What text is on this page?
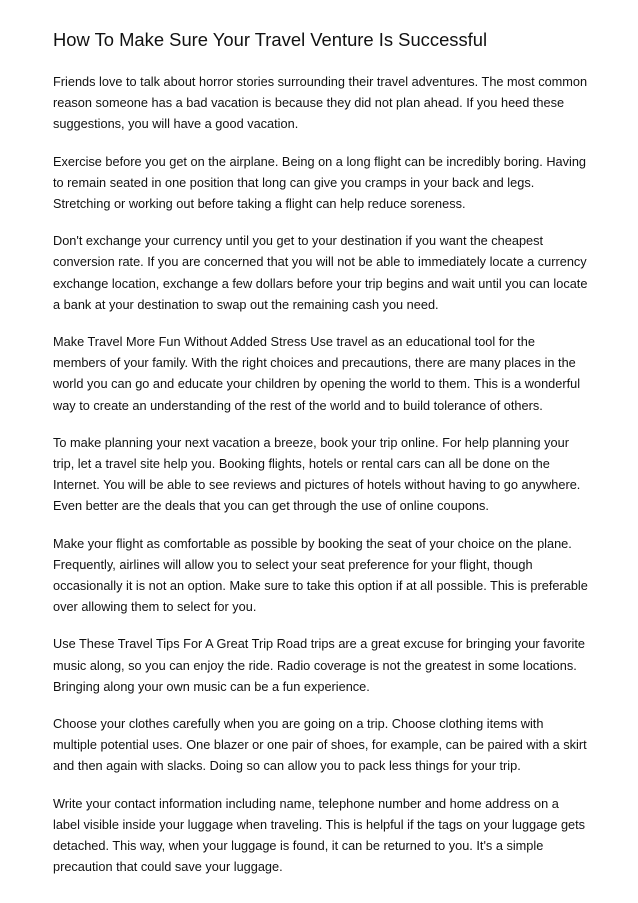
How To Make Sure Your Travel Venture Is Successful

Friends love to talk about horror stories surrounding their travel adventures. The most common reason someone has a bad vacation is because they did not plan ahead. If you heed these suggestions, you will have a good vacation.

Exercise before you get on the airplane. Being on a long flight can be incredibly boring. Having to remain seated in one position that long can give you cramps in your back and legs. Stretching or working out before taking a flight can help reduce soreness.

Don't exchange your currency until you get to your destination if you want the cheapest conversion rate. If you are concerned that you will not be able to immediately locate a currency exchange location, exchange a few dollars before your trip begins and wait until you can locate a bank at your destination to swap out the remaining cash you need.

Make Travel More Fun Without Added Stress Use travel as an educational tool for the members of your family. With the right choices and precautions, there are many places in the world you can go and educate your children by opening the world to them. This is a wonderful way to create an understanding of the rest of the world and to build tolerance of others.

To make planning your next vacation a breeze, book your trip online. For help planning your trip, let a travel site help you. Booking flights, hotels or rental cars can all be done on the Internet. You will be able to see reviews and pictures of hotels without having to go anywhere. Even better are the deals that you can get through the use of online coupons.

Make your flight as comfortable as possible by booking the seat of your choice on the plane. Frequently, airlines will allow you to select your seat preference for your flight, though occasionally it is not an option. Make sure to take this option if at all possible. This is preferable over allowing them to select for you.

Use These Travel Tips For A Great Trip Road trips are a great excuse for bringing your favorite music along, so you can enjoy the ride. Radio coverage is not the greatest in some locations. Bringing along your own music can be a fun experience.

Choose your clothes carefully when you are going on a trip. Choose clothing items with multiple potential uses. One blazer or one pair of shoes, for example, can be paired with a skirt and then again with slacks. Doing so can allow you to pack less things for your trip.

Write your contact information including name, telephone number and home address on a label visible inside your luggage when traveling. This is helpful if the tags on your luggage gets detached. This way, when your luggage is found, it can be returned to you. It's a simple precaution that could save your luggage.
